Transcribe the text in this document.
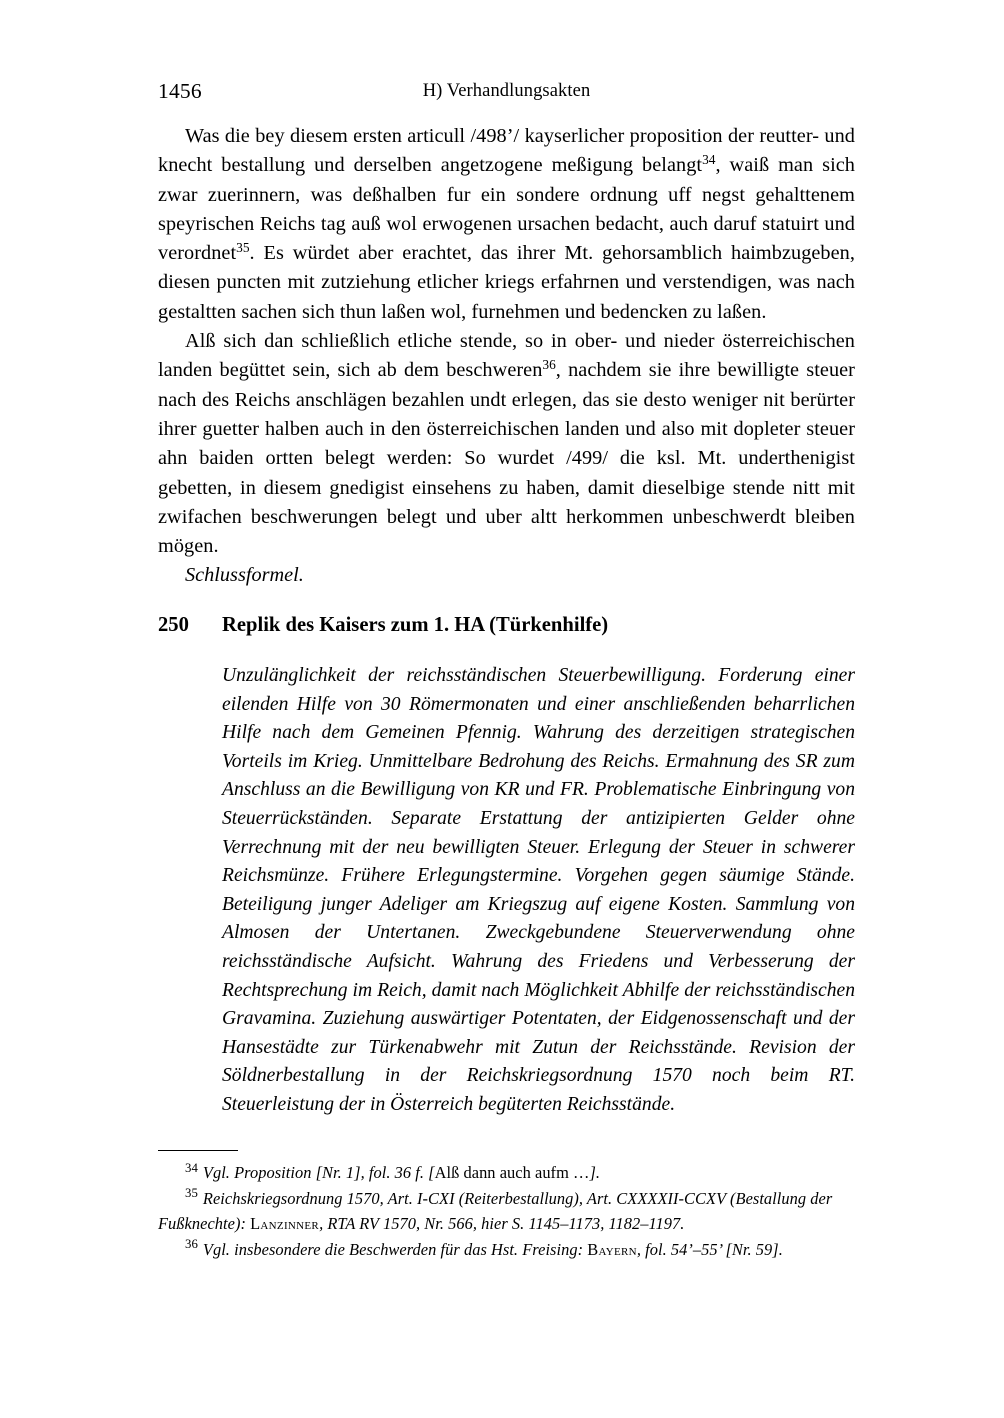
1456	H) Verhandlungsakten

Was die bey diesem ersten articull /498’/ kayserlicher proposition der reutter- und knecht bestallung und derselben angetzogene meßigung belangt$^{34}$, waiß man sich zwar zuerinnern, was deßhalben fur ein sondere ordnung uff negst gehalttenem speyrischen Reichs tag auß wol erwogenen ursachen bedacht, auch daruf statuirt und verordnet$^{35}$. Es würdet aber erachtet, das ihrer Mt. gehorsamblich haimbzugeben, diesen puncten mit zutziehung etlicher kriegs erfahrnen und verstendigen, was nach gestaltten sachen sich thun laßen wol, furnehmen und bedencken zu laßen.

Alß sich dan schließlich etliche stende, so in ober- und nieder österreichischen landen begüttet sein, sich ab dem beschweren$^{36}$, nachdem sie ihre bewilligte steuer nach des Reichs anschlägen bezahlen undt erlegen, das sie desto weniger nit berürter ihrer guetter halben auch in den österreichischen landen und also mit dopleter steuer ahn baiden ortten belegt werden: So wurdet /499/ die ksl. Mt. underthenigist gebetten, in diesem gnedigist einsehens zu haben, damit dieselbige stende nitt mit zwifachen beschwerungen belegt und uber altt herkommen unbeschwerdt bleiben mögen.

Schlussformel.

250 Replik des Kaisers zum 1. HA (Türkenhilfe)

Unzulänglichkeit der reichsständischen Steuerbewilligung. Forderung einer eilenden Hilfe von 30 Römermonaten und einer anschließenden beharrlichen Hilfe nach dem Gemeinen Pfennig. Wahrung des derzeitigen strategischen Vorteils im Krieg. Unmittelbare Bedrohung des Reichs. Ermahnung des SR zum Anschluss an die Bewilligung von KR und FR. Problematische Einbringung von Steuerrückständen. Separate Erstattung der antizipierten Gelder ohne Verrechnung mit der neu bewilligten Steuer. Erlegung der Steuer in schwerer Reichsmünze. Frühere Erlegungstermine. Vorgehen gegen säumige Stände. Beteiligung junger Adeliger am Kriegszug auf eigene Kosten. Sammlung von Almosen der Untertanen. Zweckgebundene Steuerverwendung ohne reichsständische Aufsicht. Wahrung des Friedens und Verbesserung der Rechtsprechung im Reich, damit nach Möglichkeit Abhilfe der reichsständischen Gravamina. Zuziehung auswärtiger Potentaten, der Eidgenossenschaft und der Hansestädte zur Türkenabwehr mit Zutun der Reichsstände. Revision der Söldnerbestallung in der Reichskriegsordnung 1570 noch beim RT. Steuerleistung der in Österreich begüterten Reichsstände.

$^{34}$ Vgl. Proposition [Nr. 1], fol. 36 f. [Alß dann auch aufm …].

$^{35}$ Reichskriegsordnung 1570, Art. I-CXI (Reiterbestallung), Art. CXXXXII-CCXV (Bestallung der Fußknechte): Lanzinner, RTA RV 1570, Nr. 566, hier S. 1145–1173, 1182–1197.

$^{36}$ Vgl. insbesondere die Beschwerden für das Hst. Freising: Bayern, fol. 54’–55’ [Nr. 59].
